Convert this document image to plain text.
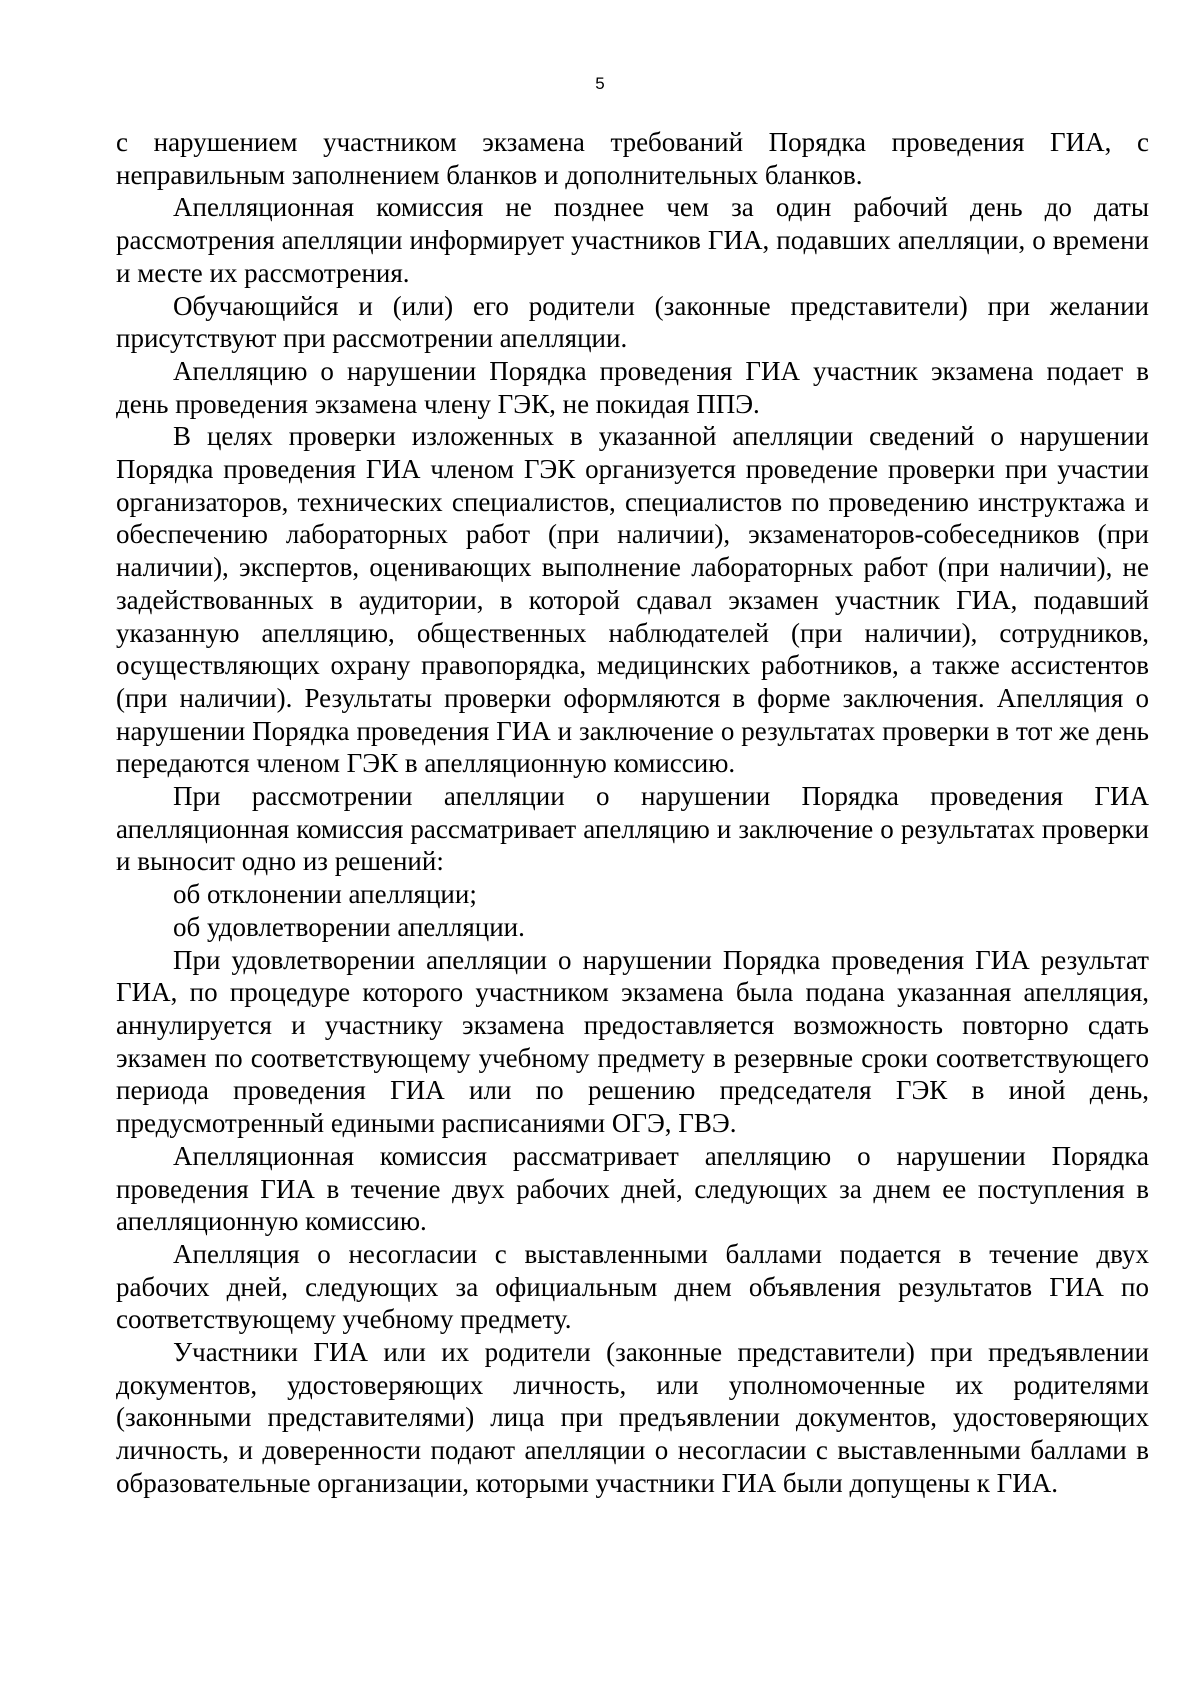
5

с нарушением участником экзамена требований Порядка проведения ГИА, с неправильным заполнением бланков и дополнительных бланков.

Апелляционная комиссия не позднее чем за один рабочий день до даты рассмотрения апелляции информирует участников ГИА, подавших апелляции, о времени и месте их рассмотрения.

Обучающийся и (или) его родители (законные представители) при желании присутствуют при рассмотрении апелляции.

Апелляцию о нарушении Порядка проведения ГИА участник экзамена подает в день проведения экзамена члену ГЭК, не покидая ППЭ.

В целях проверки изложенных в указанной апелляции сведений о нарушении Порядка проведения ГИА членом ГЭК организуется проведение проверки при участии организаторов, технических специалистов, специалистов по проведению инструктажа и обеспечению лабораторных работ (при наличии), экзаменаторов-собеседников (при наличии), экспертов, оценивающих выполнение лабораторных работ (при наличии), не задействованных в аудитории, в которой сдавал экзамен участник ГИА, подавший указанную апелляцию, общественных наблюдателей (при наличии), сотрудников, осуществляющих охрану правопорядка, медицинских работников, а также ассистентов (при наличии). Результаты проверки оформляются в форме заключения. Апелляция о нарушении Порядка проведения ГИА и заключение о результатах проверки в тот же день передаются членом ГЭК в апелляционную комиссию.

При рассмотрении апелляции о нарушении Порядка проведения ГИА апелляционная комиссия рассматривает апелляцию и заключение о результатах проверки и выносит одно из решений:

об отклонении апелляции;

об удовлетворении апелляции.

При удовлетворении апелляции о нарушении Порядка проведения ГИА результат ГИА, по процедуре которого участником экзамена была подана указанная апелляция, аннулируется и участнику экзамена предоставляется возможность повторно сдать экзамен по соответствующему учебному предмету в резервные сроки соответствующего периода проведения ГИА или по решению председателя ГЭК в иной день, предусмотренный едиными расписаниями ОГЭ, ГВЭ.

Апелляционная комиссия рассматривает апелляцию о нарушении Порядка проведения ГИА в течение двух рабочих дней, следующих за днем ее поступления в апелляционную комиссию.

Апелляция о несогласии с выставленными баллами подается в течение двух рабочих дней, следующих за официальным днем объявления результатов ГИА по соответствующему учебному предмету.

Участники ГИА или их родители (законные представители) при предъявлении документов, удостоверяющих личность, или уполномоченные их родителями (законными представителями) лица при предъявлении документов, удостоверяющих личность, и доверенности подают апелляции о несогласии с выставленными баллами в образовательные организации, которыми участники ГИА были допущены к ГИА.
